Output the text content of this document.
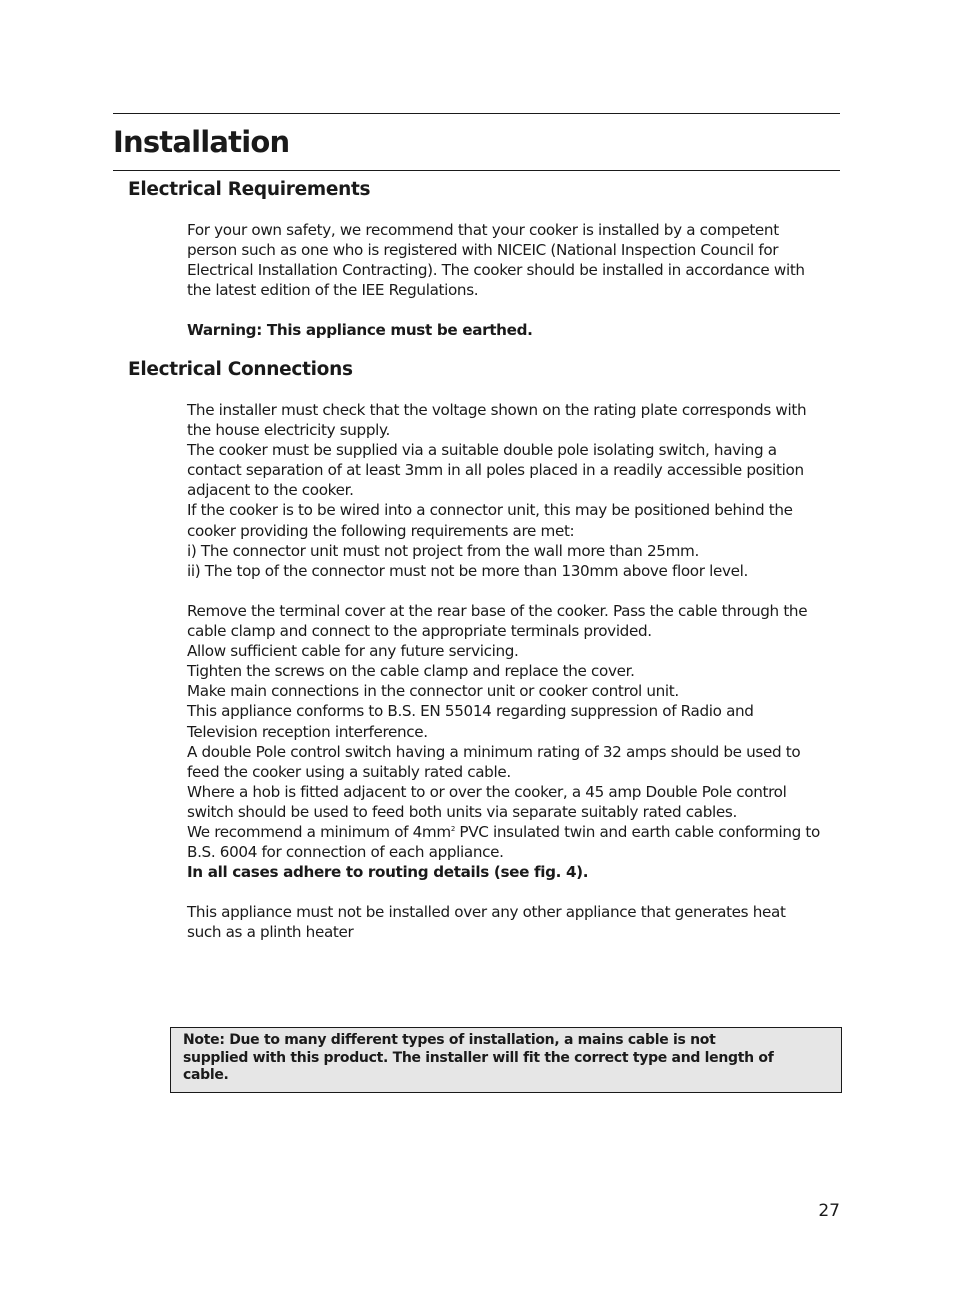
Installation
Electrical Requirements

For your own safety, we recommend that your cooker is installed by a competent
person such as one who is registered with NICEIC (National Inspection Council for
Electrical Installation Contracting). The cooker should be installed in accordance with
the latest edition of the IEE Regulations.

Warning: This appliance must be earthed.

Electrical Connections

The installer must check that the voltage shown on the rating plate corresponds with
the house electricity supply.
The cooker must be supplied via a suitable double pole isolating switch, having a
contact separation of at least 3mm in all poles placed in a readily accessible position
adjacent to the cooker.
If the cooker is to be wired into a connector unit, this may be positioned behind the
cooker providing the following requirements are met:
i) The connector unit must not project from the wall more than 25mm.
ii) The top of the connector must not be more than 130mm above floor level.

Remove the terminal cover at the rear base of the cooker. Pass the cable through the
cable clamp and connect to the appropriate terminals provided.
Allow sufficient cable for any future servicing.
Tighten the screws on the cable clamp and replace the cover.
Make main connections in the connector unit or cooker control unit.
This appliance conforms to B.S. EN 55014 regarding suppression of Radio and
Television reception interference.
A double Pole control switch having a minimum rating of 32 amps should be used to
feed the cooker using a suitably rated cable.
Where a hob is fitted adjacent to or over the cooker, a 45 amp Double Pole control
switch should be used to feed both units via separate suitably rated cables.
We recommend a minimum of $4mm^2$ PVC insulated twin and earth cable conforming to
B.S. 6004 for connection of each appliance.
In all cases adhere to routing details (see fig. 4).

This appliance must not be installed over any other appliance that generates heat
such as a plinth heater

Note: Due to many different types of installation, a mains cable is not
supplied with this product. The installer will fit the correct type and length of
cable.
27
